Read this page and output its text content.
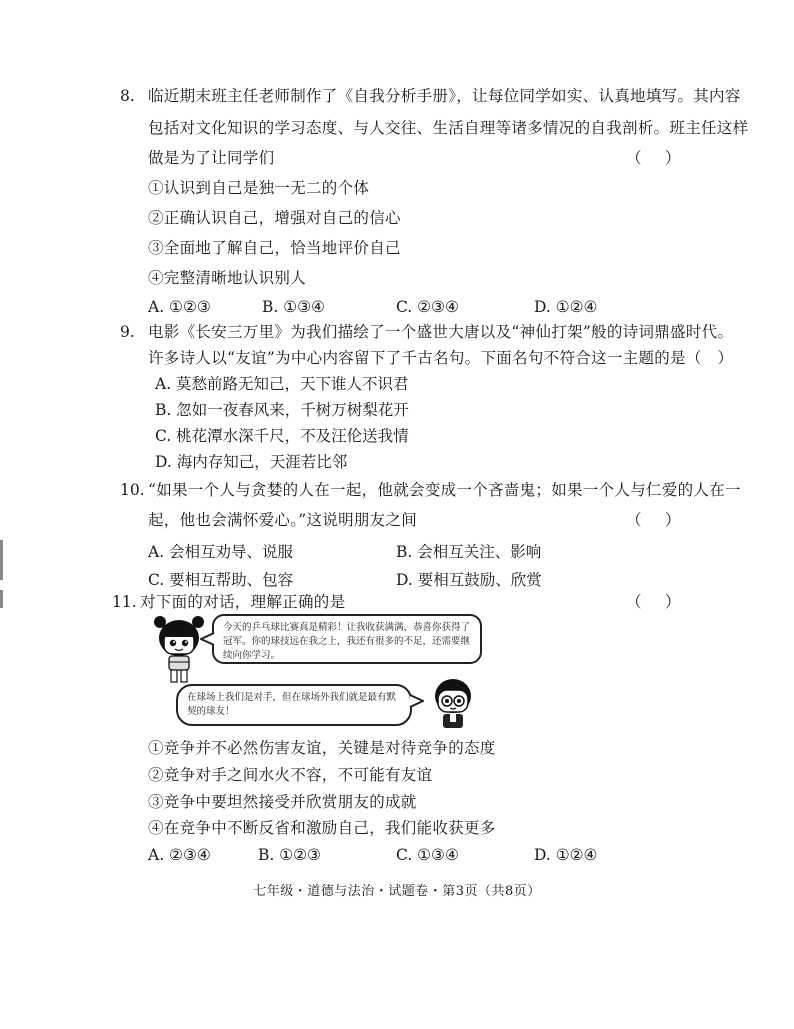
8. 临近期末班主任老师制作了《自我分析手册》，让每位同学如实、认真地填写。其内容
包括对文化知识的学习态度、与人交往、生活自理等诸多情况的自我剖析。班主任这样
做是为了让同学们	（　）
①认识到自己是独一无二的个体
②正确认识自己，增强对自己的信心
③全面地了解自己，恰当地评价自己
④完整清晰地认识别人
A. ①②③	B. ①③④	C. ②③④	D. ①②④
9. 电影《长安三万里》为我们描绘了一个盛世大唐以及“神仙打架”般的诗词鼎盛时代。
许多诗人以“友谊”为中心内容留下了千古名句。下面名句不符合这一主题的是（　）
A. 莫愁前路无知己，天下谁人不识君
B. 忽如一夜春风来，千树万树梨花开
C. 桃花潭水深千尺，不及汪伦送我情
D. 海内存知己，天涯若比邻
10. “如果一个人与贪婪的人在一起，他就会变成一个吝啬鬼；如果一个人与仁爱的人在一
起，他也会满怀爱心。”这说明朋友之间	（　）
A. 会相互劝导、说服	B. 会相互关注、影响
C. 要相互帮助、包容	D. 要相互鼓励、欣赏
11. 对下面的对话，理解正确的是	（　）
今天的乒乓球比赛真是精彩！让我收获满满，恭喜你获得了冠军。你的球技远在我之上，我还有很多的不足，还需要继续向你学习。
在球场上我们是对手，但在球场外我们就是最有默契的球友！
①竞争并不必然伤害友谊，关键是对待竞争的态度
②竞争对手之间水火不容，不可能有友谊
③竞争中要坦然接受并欣赏朋友的成就
④在竞争中不断反省和激励自己，我们能收获更多
A. ②③④	B. ①②③	C. ①③④	D. ①②④
七年级・道德与法治・试题卷・第3页（共8页）
